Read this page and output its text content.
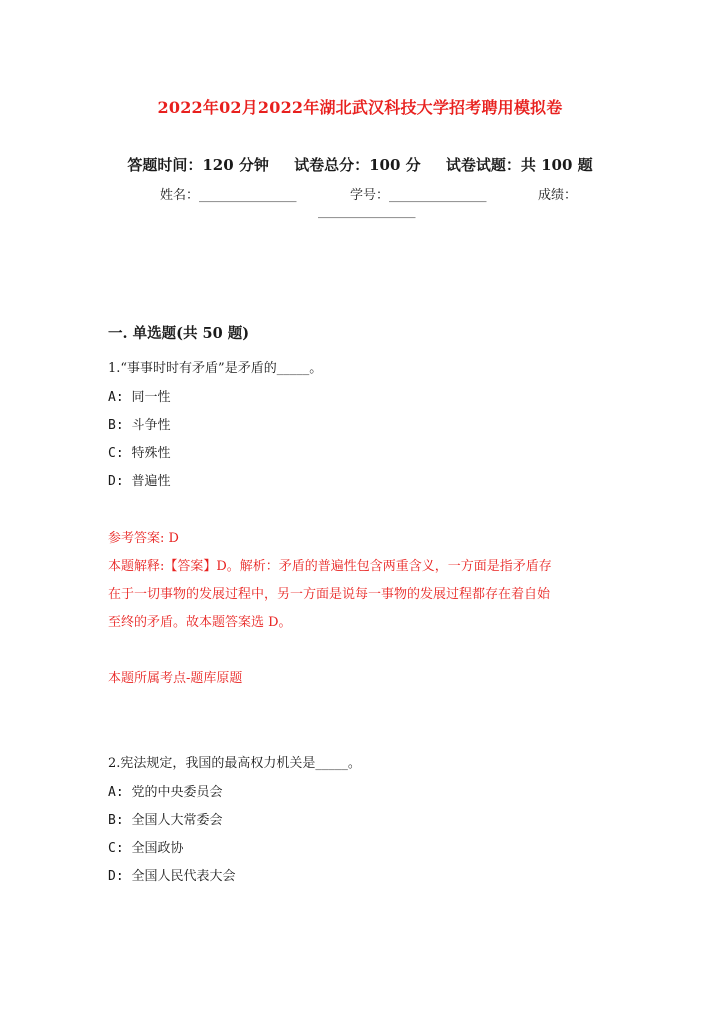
2022年02月2022年湖北武汉科技大学招考聘用模拟卷
答题时间：120 分钟 试卷总分：100 分 试卷试题：共 100 题
姓名：_______________	学号：_______________	成绩：
_______________
一. 单选题(共 50 题)
1.“事事时时有矛盾”是矛盾的_____。
A: 同一性
B: 斗争性
C: 特殊性
D: 普遍性
参考答案: D
本题解释:【答案】D。解析：矛盾的普遍性包含两重含义，一方面是指矛盾存
在于一切事物的发展过程中，另一方面是说每一事物的发展过程都存在着自始
至终的矛盾。故本题答案选 D。
本题所属考点-题库原题
2.宪法规定，我国的最高权力机关是_____。
A: 党的中央委员会
B: 全国人大常委会
C: 全国政协
D: 全国人民代表大会
